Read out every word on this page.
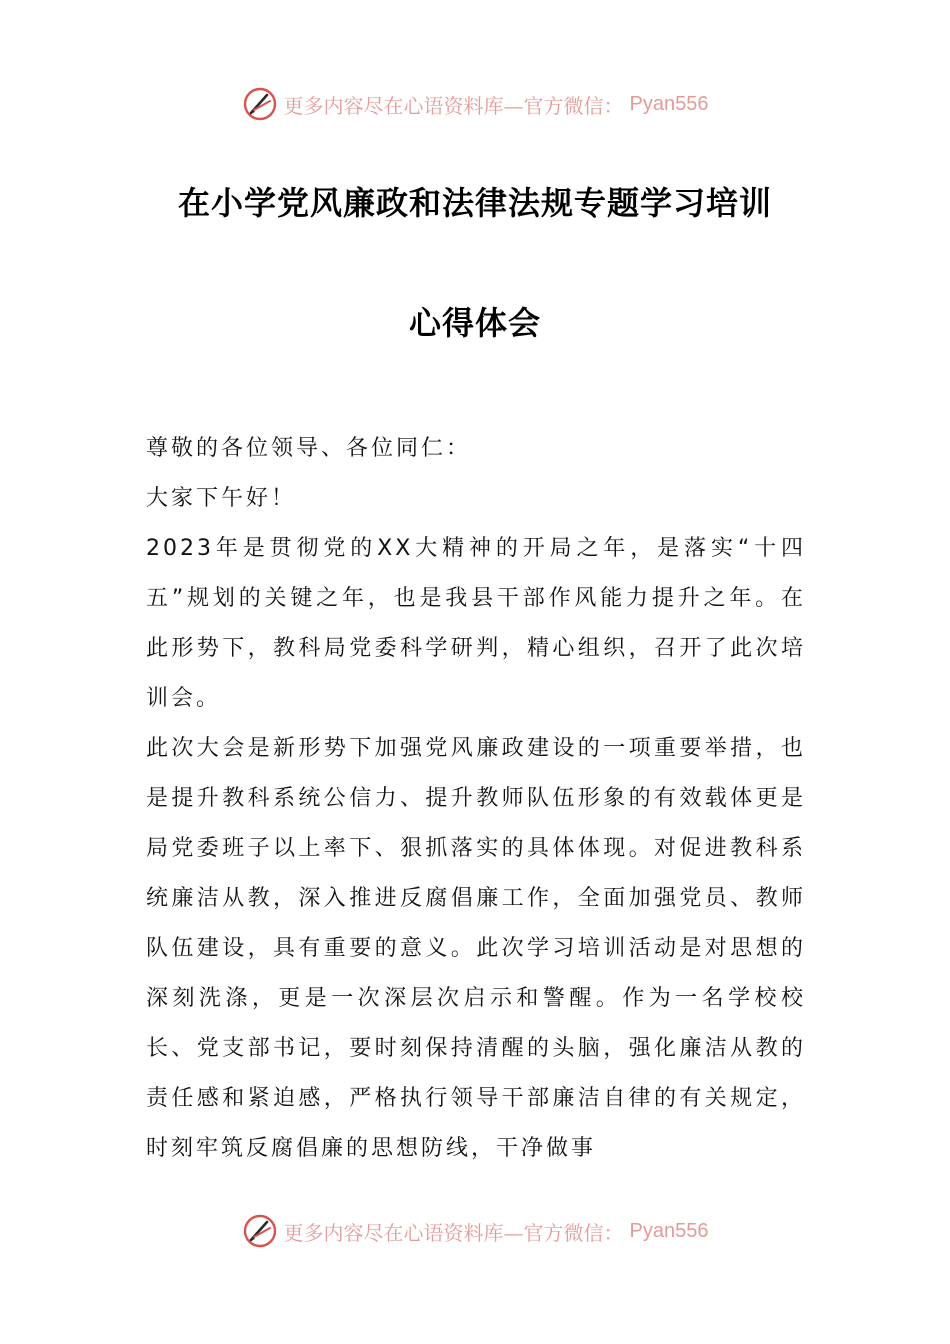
更多内容尽在心语资料库—官方微信： Pyan556
在小学党风廉政和法律法规专题学习培训
心得体会

尊敬的各位领导、各位同仁：

大家下午好！

2023年是贯彻党的XX大精神的开局之年，是落实“十四五”规划的关键之年，也是我县干部作风能力提升之年。在此形势下，教科局党委科学研判，精心组织，召开了此次培训会。

此次大会是新形势下加强党风廉政建设的一项重要举措，也是提升教科系统公信力、提升教师队伍形象的有效载体更是局党委班子以上率下、狠抓落实的具体体现。对促进教科系统廉洁从教，深入推进反腐倡廉工作，全面加强党员、教师队伍建设，具有重要的意义。此次学习培训活动是对思想的深刻洗涤，更是一次深层次启示和警醒。作为一名学校校长、党支部书记，要时刻保持清醒的头脑，强化廉洁从教的责任感和紧迫感，严格执行领导干部廉洁自律的有关规定，时刻牢筑反腐倡廉的思想防线，干净做事

更多内容尽在心语资料库—官方微信： Pyan556
